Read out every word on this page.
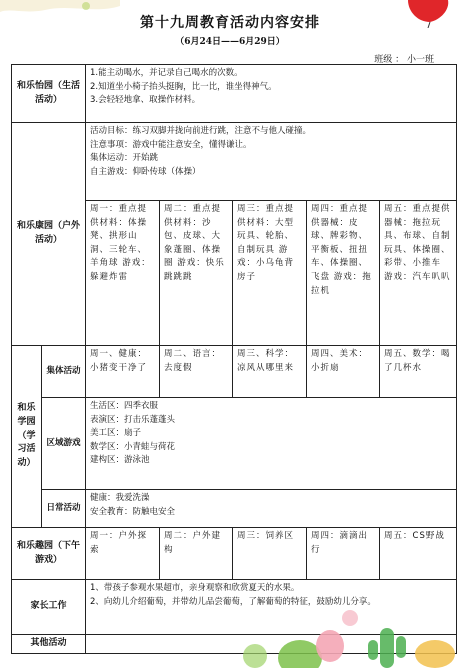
第十九周教育活动内容安排
（6月24日——6月29日）
班级 ： 小一班
和乐怡园（生活活动）		1.能主动喝水，并记录自己喝水的次数。
2.知道坐小椅子抬头挺胸，比一比，谁坐得神气。
3.会轻轻地拿、取操作材料。				

和乐康园（户外活动）		活动目标：练习双脚并拢向前进行跳，注意不与他人碰撞。
注意事项：游戏中能注意安全，懂得谦让。
集体运动：开始跳
自主游戏：仰卧传球（体操）				

		周一：重点提供材料：体操凳、拱形山洞、三轮车、羊角球 游戏：躲避炸雷	周二：重点提供材料：沙包、皮球、大象蓬圈、体操圈 游戏：快乐跳跳跳	周三：重点提供材料：大型玩具、轮胎、自制玩具 游戏：小乌龟背房子	周四：重点提供器械：皮球、牌彩物、平衡板、扭扭车、体操圈、飞盘 游戏：拖拉机	周五：重点提供器械：拖拉玩具、布球、自制玩具、体操圈、彩带、小推车 游戏：汽车叭叭

和乐学园（学习活动）	集体活动	周一、健康：小猪变干净了	周二、语言：去度假	周三、科学：凉风从哪里来	周四、美术：小折扇	周五、数学：喝了几杯水

	区域游戏	生活区：四季衣服
表演区：打击乐蓬蓬头
美工区：扇子
数学区：小青蛙与荷花
建构区：游泳池				

	日常活动	健康：我爱洗澡
安全教育：防触电安全				

和乐趣园（下午游戏）		周一：户外探索	周二：户外建构	周三：饲养区	周四：滴滴出行	周五：CS野战

家长工作		1、带孩子参观水果超市，亲身观察和欣赏夏天的水果。
2、向幼儿介绍葡萄，并带幼儿品尝葡萄，了解葡萄的特征，鼓励幼儿分享。				

其他活动						
